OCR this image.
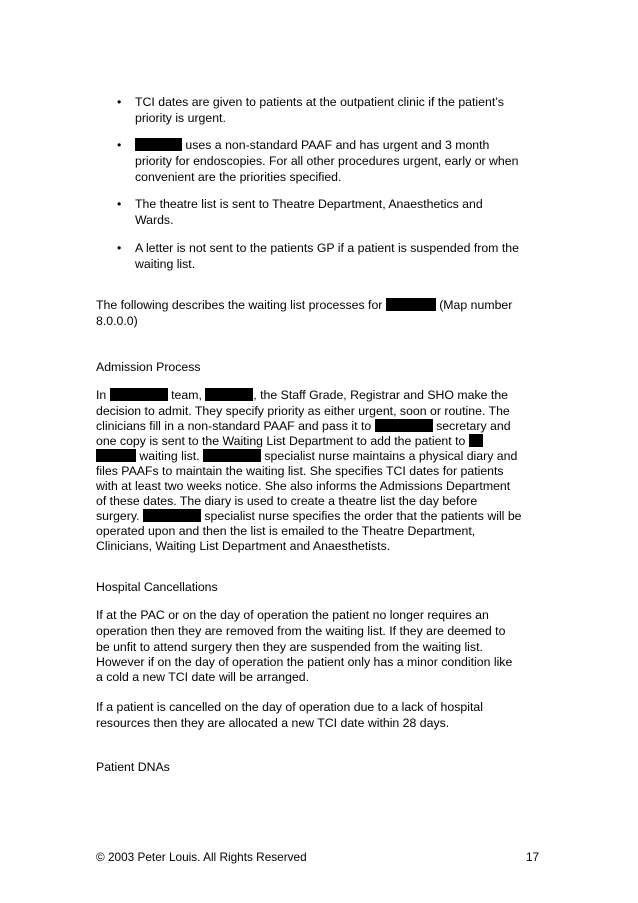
• TCI dates are given to patients at the outpatient clinic if the patient’s
priority is urgent.
•	uses a non-standard PAAF and has urgent and 3 month
priority for endoscopies. For all other procedures urgent, early or when
convenient are the priorities specified.
• The theatre list is sent to Theatre Department, Anaesthetics and
Wards.
• A letter is not sent to the patients GP if a patient is suspended from the
waiting list.
The following describes the waiting list processes for	(Map number
8.0.0.0)
Admission Process
In	team,	, the Staff Grade, Registrar and SHO make the
decision to admit. They specify priority as either urgent, soon or routine. The
clinicians fill in a non-standard PAAF and pass it to	secretary and
one copy is sent to the Waiting List Department to add the patient to
waiting list.	specialist nurse maintains a physical diary and
files PAAFs to maintain the waiting list. She specifies TCI dates for patients
with at least two weeks notice. She also informs the Admissions Department
of these dates. The diary is used to create a theatre list the day before
surgery.	specialist nurse specifies the order that the patients will be
operated upon and then the list is emailed to the Theatre Department,
Clinicians, Waiting List Department and Anaesthetists.
Hospital Cancellations
If at the PAC or on the day of operation the patient no longer requires an
operation then they are removed from the waiting list. If they are deemed to
be unfit to attend surgery then they are suspended from the waiting list.
However if on the day of operation the patient only has a minor condition like
a cold a new TCI date will be arranged.
If a patient is cancelled on the day of operation due to a lack of hospital
resources then they are allocated a new TCI date within 28 days.
Patient DNAs
© 2003 Peter Louis. All Rights Reserved	17
